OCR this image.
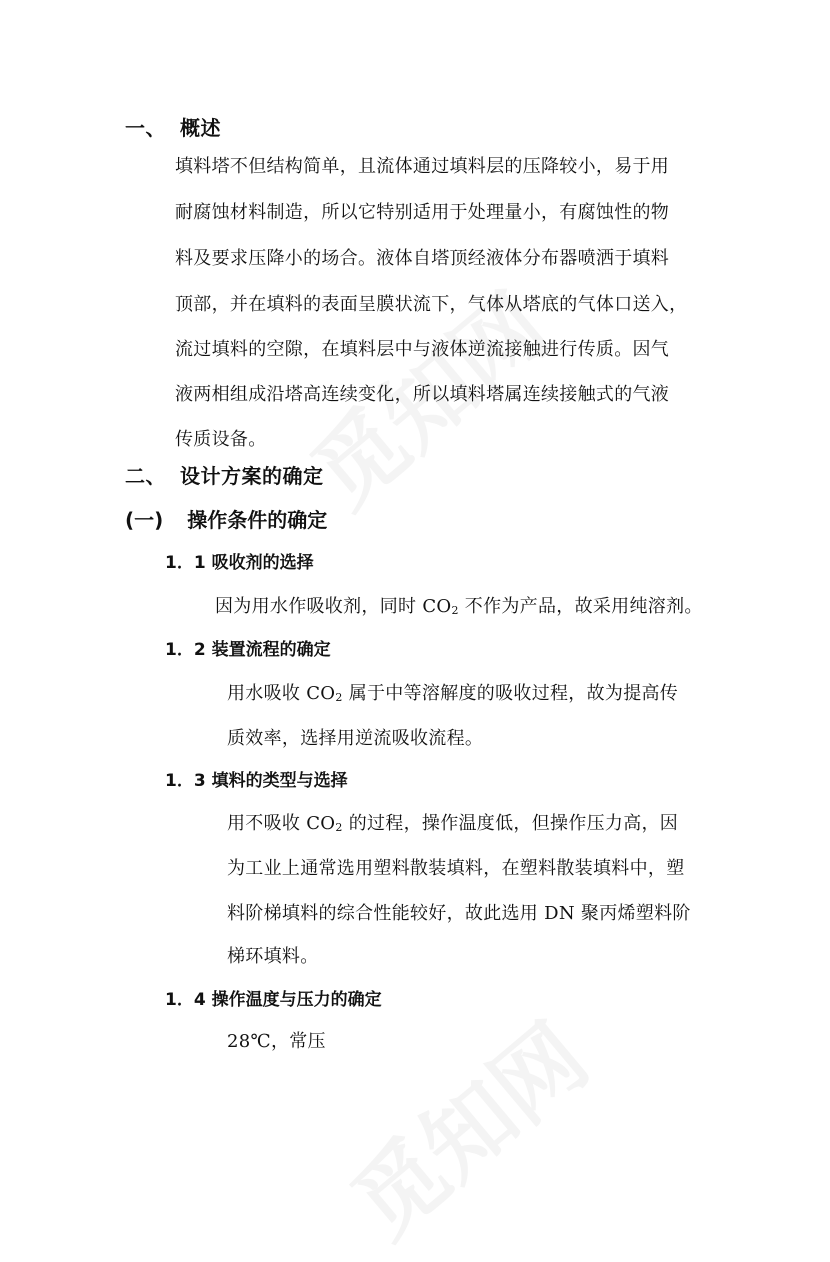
一、 概述
填料塔不但结构简单，且流体通过填料层的压降较小，易于用
耐腐蚀材料制造，所以它特别适用于处理量小，有腐蚀性的物
料及要求压降小的场合。液体自塔顶经液体分布器喷洒于填料
顶部，并在填料的表面呈膜状流下，气体从塔底的气体口送入，
流过填料的空隙，在填料层中与液体逆流接触进行传质。因气
液两相组成沿塔高连续变化，所以填料塔属连续接触式的气液
传质设备。
二、 设计方案的确定
(一) 操作条件的确定
1．1 吸收剂的选择
因为用水作吸收剂，同时 $CO_2$ 不作为产品，故采用纯溶剂。
1．2 装置流程的确定
用水吸收 $CO_2$ 属于中等溶解度的吸收过程，故为提高传
质效率，选择用逆流吸收流程。
1．3 填料的类型与选择
用不吸收 $CO_2$ 的过程，操作温度低，但操作压力高，因
为工业上通常选用塑料散装填料，在塑料散装填料中，塑
料阶梯填料的综合性能较好，故此选用 DN 聚丙烯塑料阶
梯环填料。
1．4 操作温度与压力的确定
28℃，常压
